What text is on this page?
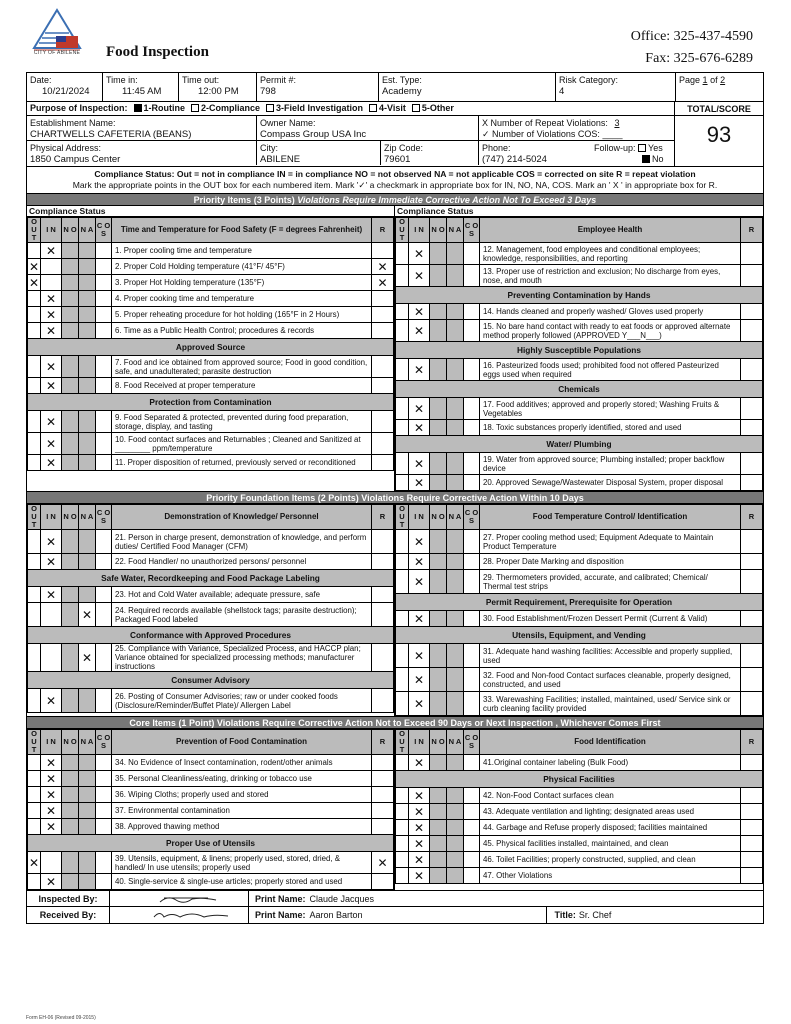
CITY OF ABILENE	Food Inspection
Office: 325-437-4590
Fax: 325-676-6289
Date:
10/21/2024
Time in:
11:45 AM
Time out:
12:00 PM
Permit #:
798
Est. Type:
Academy
Risk Category:
4
Page 1 of 2
Purpose of Inspection:	1-Routine	2-Compliance	3-Field Investigation	4-Visit	5-Other	TOTAL/SCORE
Establishment Name:
CHARTWELLS CAFETERIA (BEANS)
Owner Name:
Compass Group USA Inc
X Number of Repeat Violations: 3
✓ Number of Violations COS: ____
Physical Address:
1850 Campus Center
City:
ABILENE
Zip Code:
79601
Phone:
(747) 214-5024
Follow-up: Yes
No
93
Compliance Status: Out = not in compliance IN = in compliance NO = not observed NA = not applicable COS = corrected on site R = repeat violation
Mark the appropriate points in the OUT box for each numbered item. Mark '✓' a checkmark in appropriate box for IN, NO, NA, COS. Mark an ' X ' in appropriate box for R.
Priority Items (3 Points) Violations Require Immediate Corrective Action Not To Exceed 3 Days
Compliance Status
O U T	I N	N O	N A	C O S	Time and Temperature for Food Safety (F = degrees Fahrenheit)	R
	✕				1. Proper cooling time and temperature	
✕					2. Proper Cold Holding temperature (41°F/ 45°F)	✕
✕					3. Proper Hot Holding temperature (135°F)	✕
	✕				4. Proper cooking time and temperature	
	✕				5. Proper reheating procedure for hot holding (165°F in 2 Hours)	
	✕				6. Time as a Public Health Control; procedures & records	
Approved Source						
	✕				7. Food and ice obtained from approved source; Food in good condition, safe, and unadulterated; parasite destruction	
	✕				8. Food Received at proper temperature	
Protection from Contamination						
	✕				9. Food Separated & protected, prevented during food preparation, storage, display, and tasting	
	✕				10. Food contact surfaces and Returnables ; Cleaned and Sanitized at ________ ppm/temperature	
	✕				11. Proper disposition of returned, previously served or reconditioned	
Compliance Status
O U T	I N	N O	N A	C O S	Employee Health	R
	✕				12. Management, food employees and conditional employees; knowledge, responsibilities, and reporting	
	✕				13. Proper use of restriction and exclusion; No discharge from eyes, nose, and mouth	
Preventing Contamination by Hands						
	✕				14. Hands cleaned and properly washed/ Gloves used properly	
	✕				15. No bare hand contact with ready to eat foods or approved alternate method properly followed (APPROVED Y___N___)	
Highly Susceptible Populations						
	✕				16. Pasteurized foods used; prohibited food not offered Pasteurized eggs used when required	
Chemicals						
	✕				17. Food additives; approved and properly stored; Washing Fruits & Vegetables	
	✕				18. Toxic substances properly identified, stored and used	
Water/ Plumbing						
	✕				19. Water from approved source; Plumbing installed; proper backflow device	
	✕				20. Approved Sewage/Wastewater Disposal System, proper disposal	
Priority Foundation Items (2 Points) Violations Require Corrective Action Within 10 Days
O U T	I N	N O	N A	C O S	Demonstration of Knowledge/ Personnel	R
	✕				21. Person in charge present, demonstration of knowledge, and perform duties/ Certified Food Manager (CFM)	
	✕				22. Food Handler/ no unauthorized persons/ personnel	
Safe Water, Recordkeeping and Food Package Labeling						
	✕				23. Hot and Cold Water available; adequate pressure, safe	
			✕		24. Required records available (shellstock tags; parasite destruction); Packaged Food labeled	
Conformance with Approved Procedures						
			✕		25. Compliance with Variance, Specialized Process, and HACCP plan; Variance obtained for specialized processing methods; manufacturer instructions	
Consumer Advisory						
	✕				26. Posting of Consumer Advisories; raw or under cooked foods (Disclosure/Reminder/Buffet Plate)/ Allergen Label	
O U T	I N	N O	N A	C O S	Food Temperature Control/ Identification	R
	✕				27. Proper cooling method used; Equipment Adequate to Maintain Product Temperature	
	✕				28. Proper Date Marking and disposition	
	✕				29. Thermometers provided, accurate, and calibrated; Chemical/ Thermal test strips	
Permit Requirement, Prerequisite for Operation						
	✕				30. Food Establishment/Frozen Dessert Permit (Current & Valid)	
Utensils, Equipment, and Vending						
	✕				31. Adequate hand washing facilities: Accessible and properly supplied, used	
	✕				32. Food and Non-food Contact surfaces cleanable, properly designed, constructed, and used	
	✕				33. Warewashing Facilities; installed, maintained, used/ Service sink or curb cleaning facility provided	
Core Items (1 Point) Violations Require Corrective Action Not to Exceed 90 Days or Next Inspection , Whichever Comes First
O U T	I N	N O	N A	C O S	Prevention of Food Contamination	R
	✕				34. No Evidence of Insect contamination, rodent/other animals	
	✕				35. Personal Cleanliness/eating, drinking or tobacco use	
	✕				36. Wiping Cloths; properly used and stored	
	✕				37. Environmental contamination	
	✕				38. Approved thawing method	
Proper Use of Utensils						
✕					39. Utensils, equipment, & linens; properly used, stored, dried, & handled/ In use utensils; properly used	✕
	✕				40. Single-service & single-use articles; properly stored and used	
O U T	I N	N O	N A	C O S	Food Identification	R
	✕				41.Original container labeling (Bulk Food)	
Physical Facilities						
	✕				42. Non-Food Contact surfaces clean	
	✕				43. Adequate ventilation and lighting; designated areas used	
	✕				44. Garbage and Refuse properly disposed; facilities maintained	
	✕				45. Physical facilities installed, maintained, and clean	
	✕				46. Toilet Facilities; properly constructed, supplied, and clean	
	✕				47. Other Violations	
Inspected By:	Print Name: Claude Jacques
Received By:	Print Name: Aaron Barton	Title: Sr. Chef
Form EH-06 (Revised 09-2015)
